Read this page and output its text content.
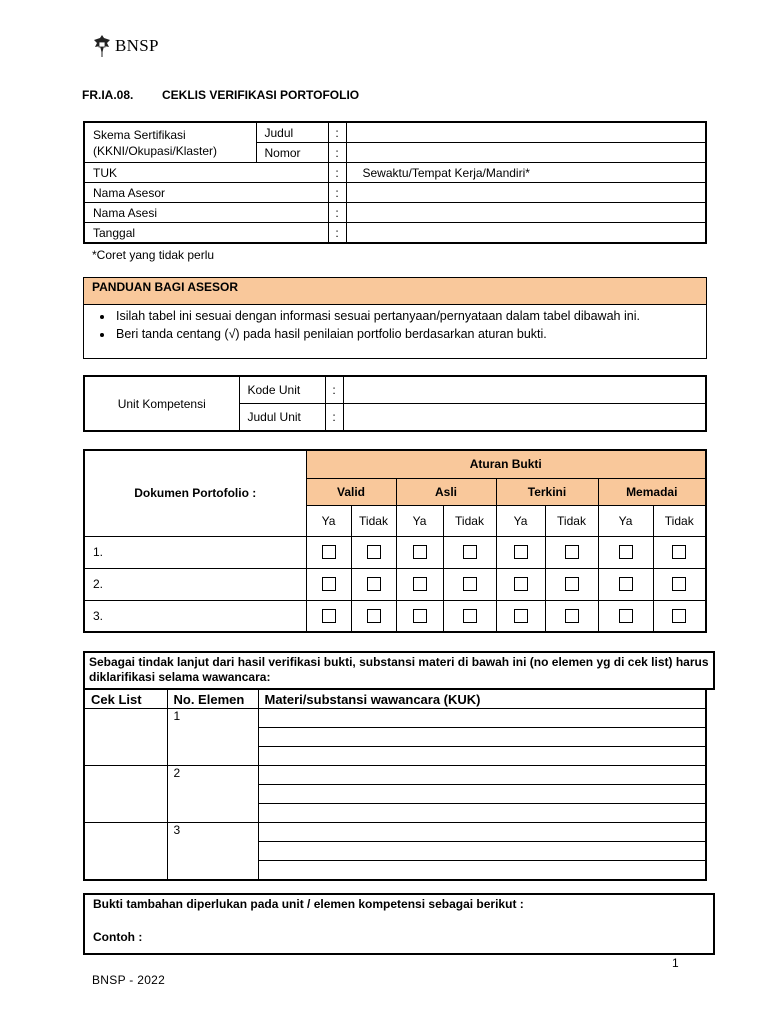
BNSP
FR.IA.08. CEKLIS VERIFIKASI PORTOFOLIO
Skema Sertifikasi
(KKNI/Okupasi/Klaster)	Judul	:	
	Nomor	:	
TUK		:	Sewaktu/Tempat Kerja/Mandiri*
Nama Asesor		:	
Nama Asesi		:	
Tanggal		:	
*Coret yang tidak perlu
PANDUAN BAGI ASESOR
• Isilah tabel ini sesuai dengan informasi sesuai pertanyaan/pernyataan dalam tabel dibawah ini.
• Beri tanda centang (√) pada hasil penilaian portfolio berdasarkan aturan bukti.
Unit Kompetensi	Kode Unit	:	
	Judul Unit	:	
Dokumen Portofolio :	Aturan Bukti							
	Valid		Asli		Terkini		Memadai	
	Ya	Tidak	Ya	Tidak	Ya	Tidak	Ya	Tidak
1.								
2.								
3.								
Sebagai tindak lanjut dari hasil verifikasi bukti, substansi materi di bawah ini (no elemen yg di cek list) harus diklarifikasi selama wawancara:
Cek List	No. Elemen	Materi/substansi wawancara (KUK)
	1	

	2	

	3	

Bukti tambahan diperlukan pada unit / elemen kompetensi sebagai berikut :
Contoh :
1
BNSP - 2022
